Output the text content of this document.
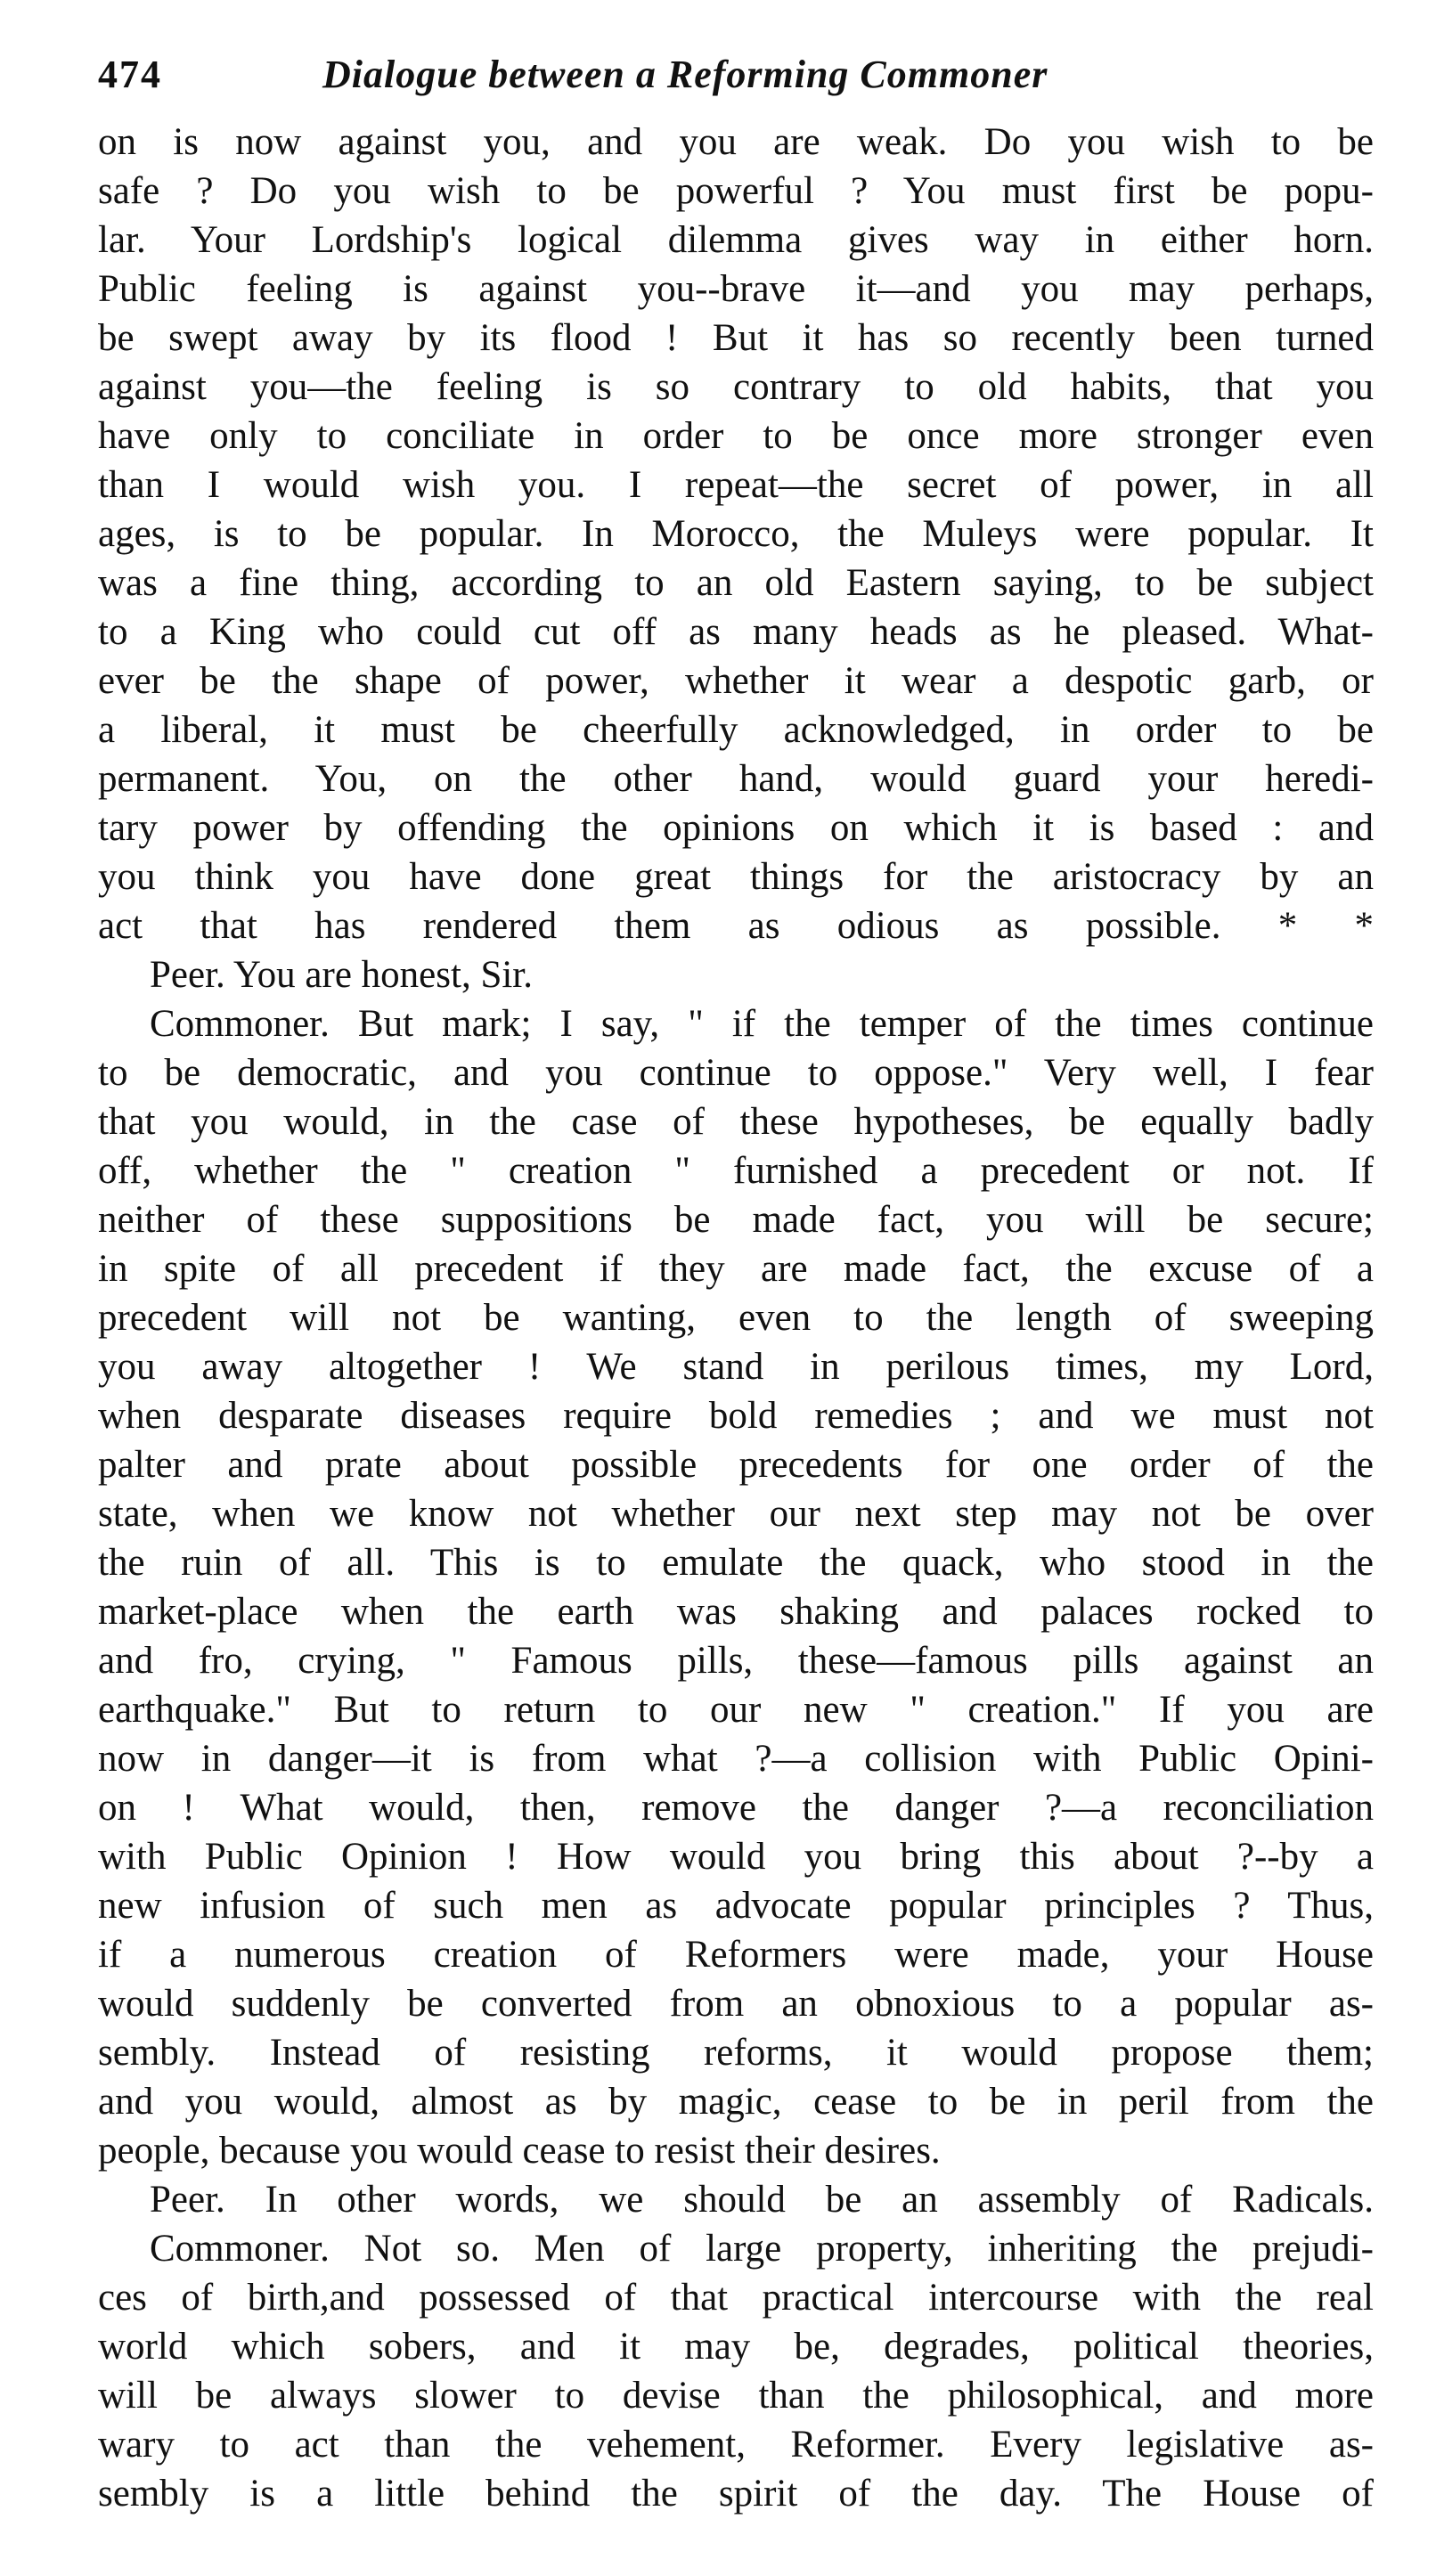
474	Dialogue between a Reforming Commoner
on is now against you, and you are weak. Do you wish to be
safe ? Do you wish to be powerful ? You must first be popu-
lar. Your Lordship's logical dilemma gives way in either horn.
Public feeling is against you--brave it—and you may perhaps,
be swept away by its flood ! But it has so recently been turned
against you—the feeling is so contrary to old habits, that you
have only to conciliate in order to be once more stronger even
than I would wish you. I repeat—the secret of power, in all
ages, is to be popular. In Morocco, the Muleys were popular. It
was a fine thing, according to an old Eastern saying, to be subject
to a King who could cut off as many heads as he pleased. What-
ever be the shape of power, whether it wear a despotic garb, or
a liberal, it must be cheerfully acknowledged, in order to be
permanent. You, on the other hand, would guard your heredi-
tary power by offending the opinions on which it is based : and
you think you have done great things for the aristocracy by an
act that has rendered them as odious as possible. * *
Peer. You are honest, Sir.
Commoner. But mark; I say, " if the temper of the times continue
to be democratic, and you continue to oppose." Very well, I fear
that you would, in the case of these hypotheses, be equally badly
off, whether the " creation " furnished a precedent or not. If
neither of these suppositions be made fact, you will be secure;
in spite of all precedent if they are made fact, the excuse of a
precedent will not be wanting, even to the length of sweeping
you away altogether ! We stand in perilous times, my Lord,
when desparate diseases require bold remedies ; and we must not
palter and prate about possible precedents for one order of the
state, when we know not whether our next step may not be over
the ruin of all. This is to emulate the quack, who stood in the
market-place when the earth was shaking and palaces rocked to
and fro, crying, " Famous pills, these—famous pills against an
earthquake." But to return to our new " creation." If you are
now in danger—it is from what ?—a collision with Public Opini-
on ! What would, then, remove the danger ?—a reconciliation
with Public Opinion ! How would you bring this about ?--by a
new infusion of such men as advocate popular principles ? Thus,
if a numerous creation of Reformers were made, your House
would suddenly be converted from an obnoxious to a popular as-
sembly. Instead of resisting reforms, it would propose them;
and you would, almost as by magic, cease to be in peril from the
people, because you would cease to resist their desires.
Peer. In other words, we should be an assembly of Radicals.
Commoner. Not so. Men of large property, inheriting the prejudi-
ces of birth,and possessed of that practical intercourse with the real
world which sobers, and it may be, degrades, political theories,
will be always slower to devise than the philosophical, and more
wary to act than the vehement, Reformer. Every legislative as-
sembly is a little behind the spirit of the day. The House of
